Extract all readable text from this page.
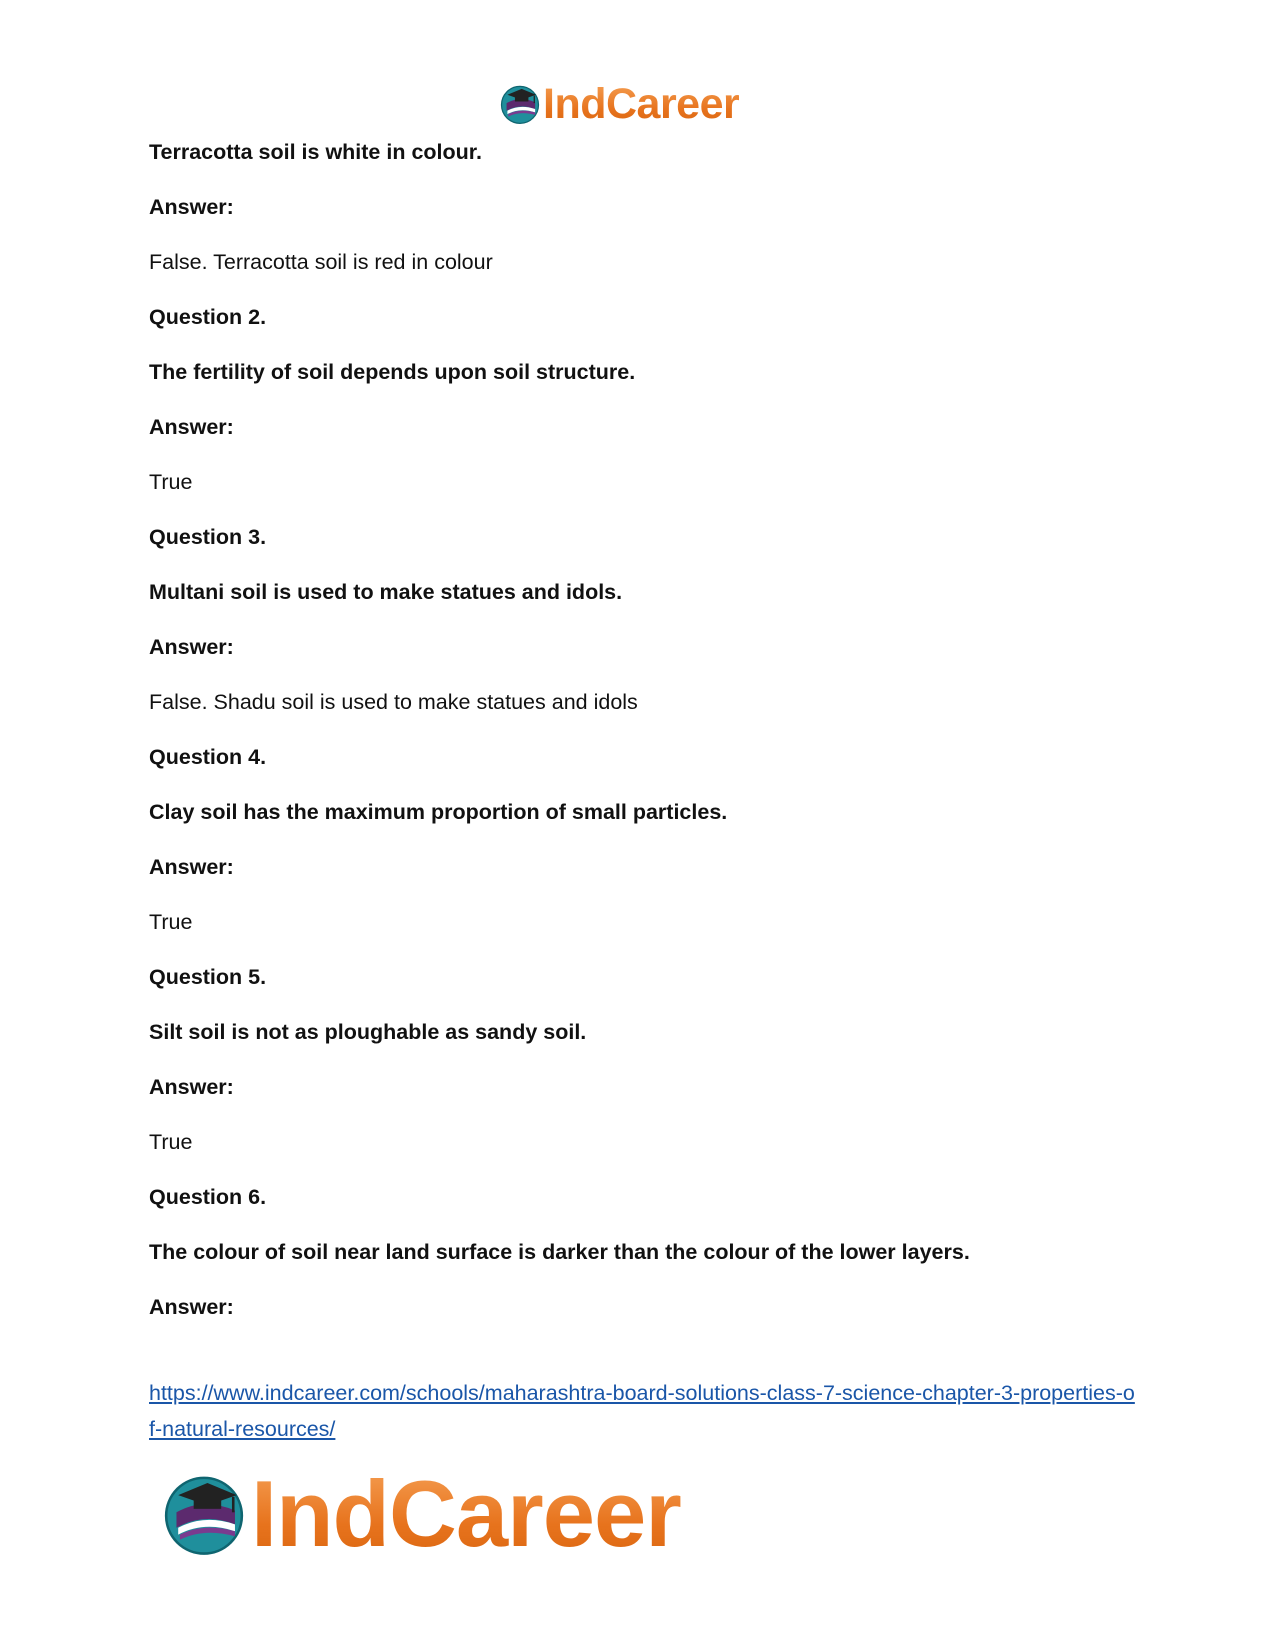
IndCareer
Terracotta soil is white in colour.
Answer:
False. Terracotta soil is red in colour
Question 2.
The fertility of soil depends upon soil structure.
Answer:
True
Question 3.
Multani soil is used to make statues and idols.
Answer:
False. Shadu soil is used to make statues and idols
Question 4.
Clay soil has the maximum proportion of small particles.
Answer:
True
Question 5.
Silt soil is not as ploughable as sandy soil.
Answer:
True
Question 6.
The colour of soil near land surface is darker than the colour of the lower layers.
Answer:
https://www.indcareer.com/schools/maharashtra-board-solutions-class-7-science-chapter-3-properties-of-natural-resources/
IndCareer
